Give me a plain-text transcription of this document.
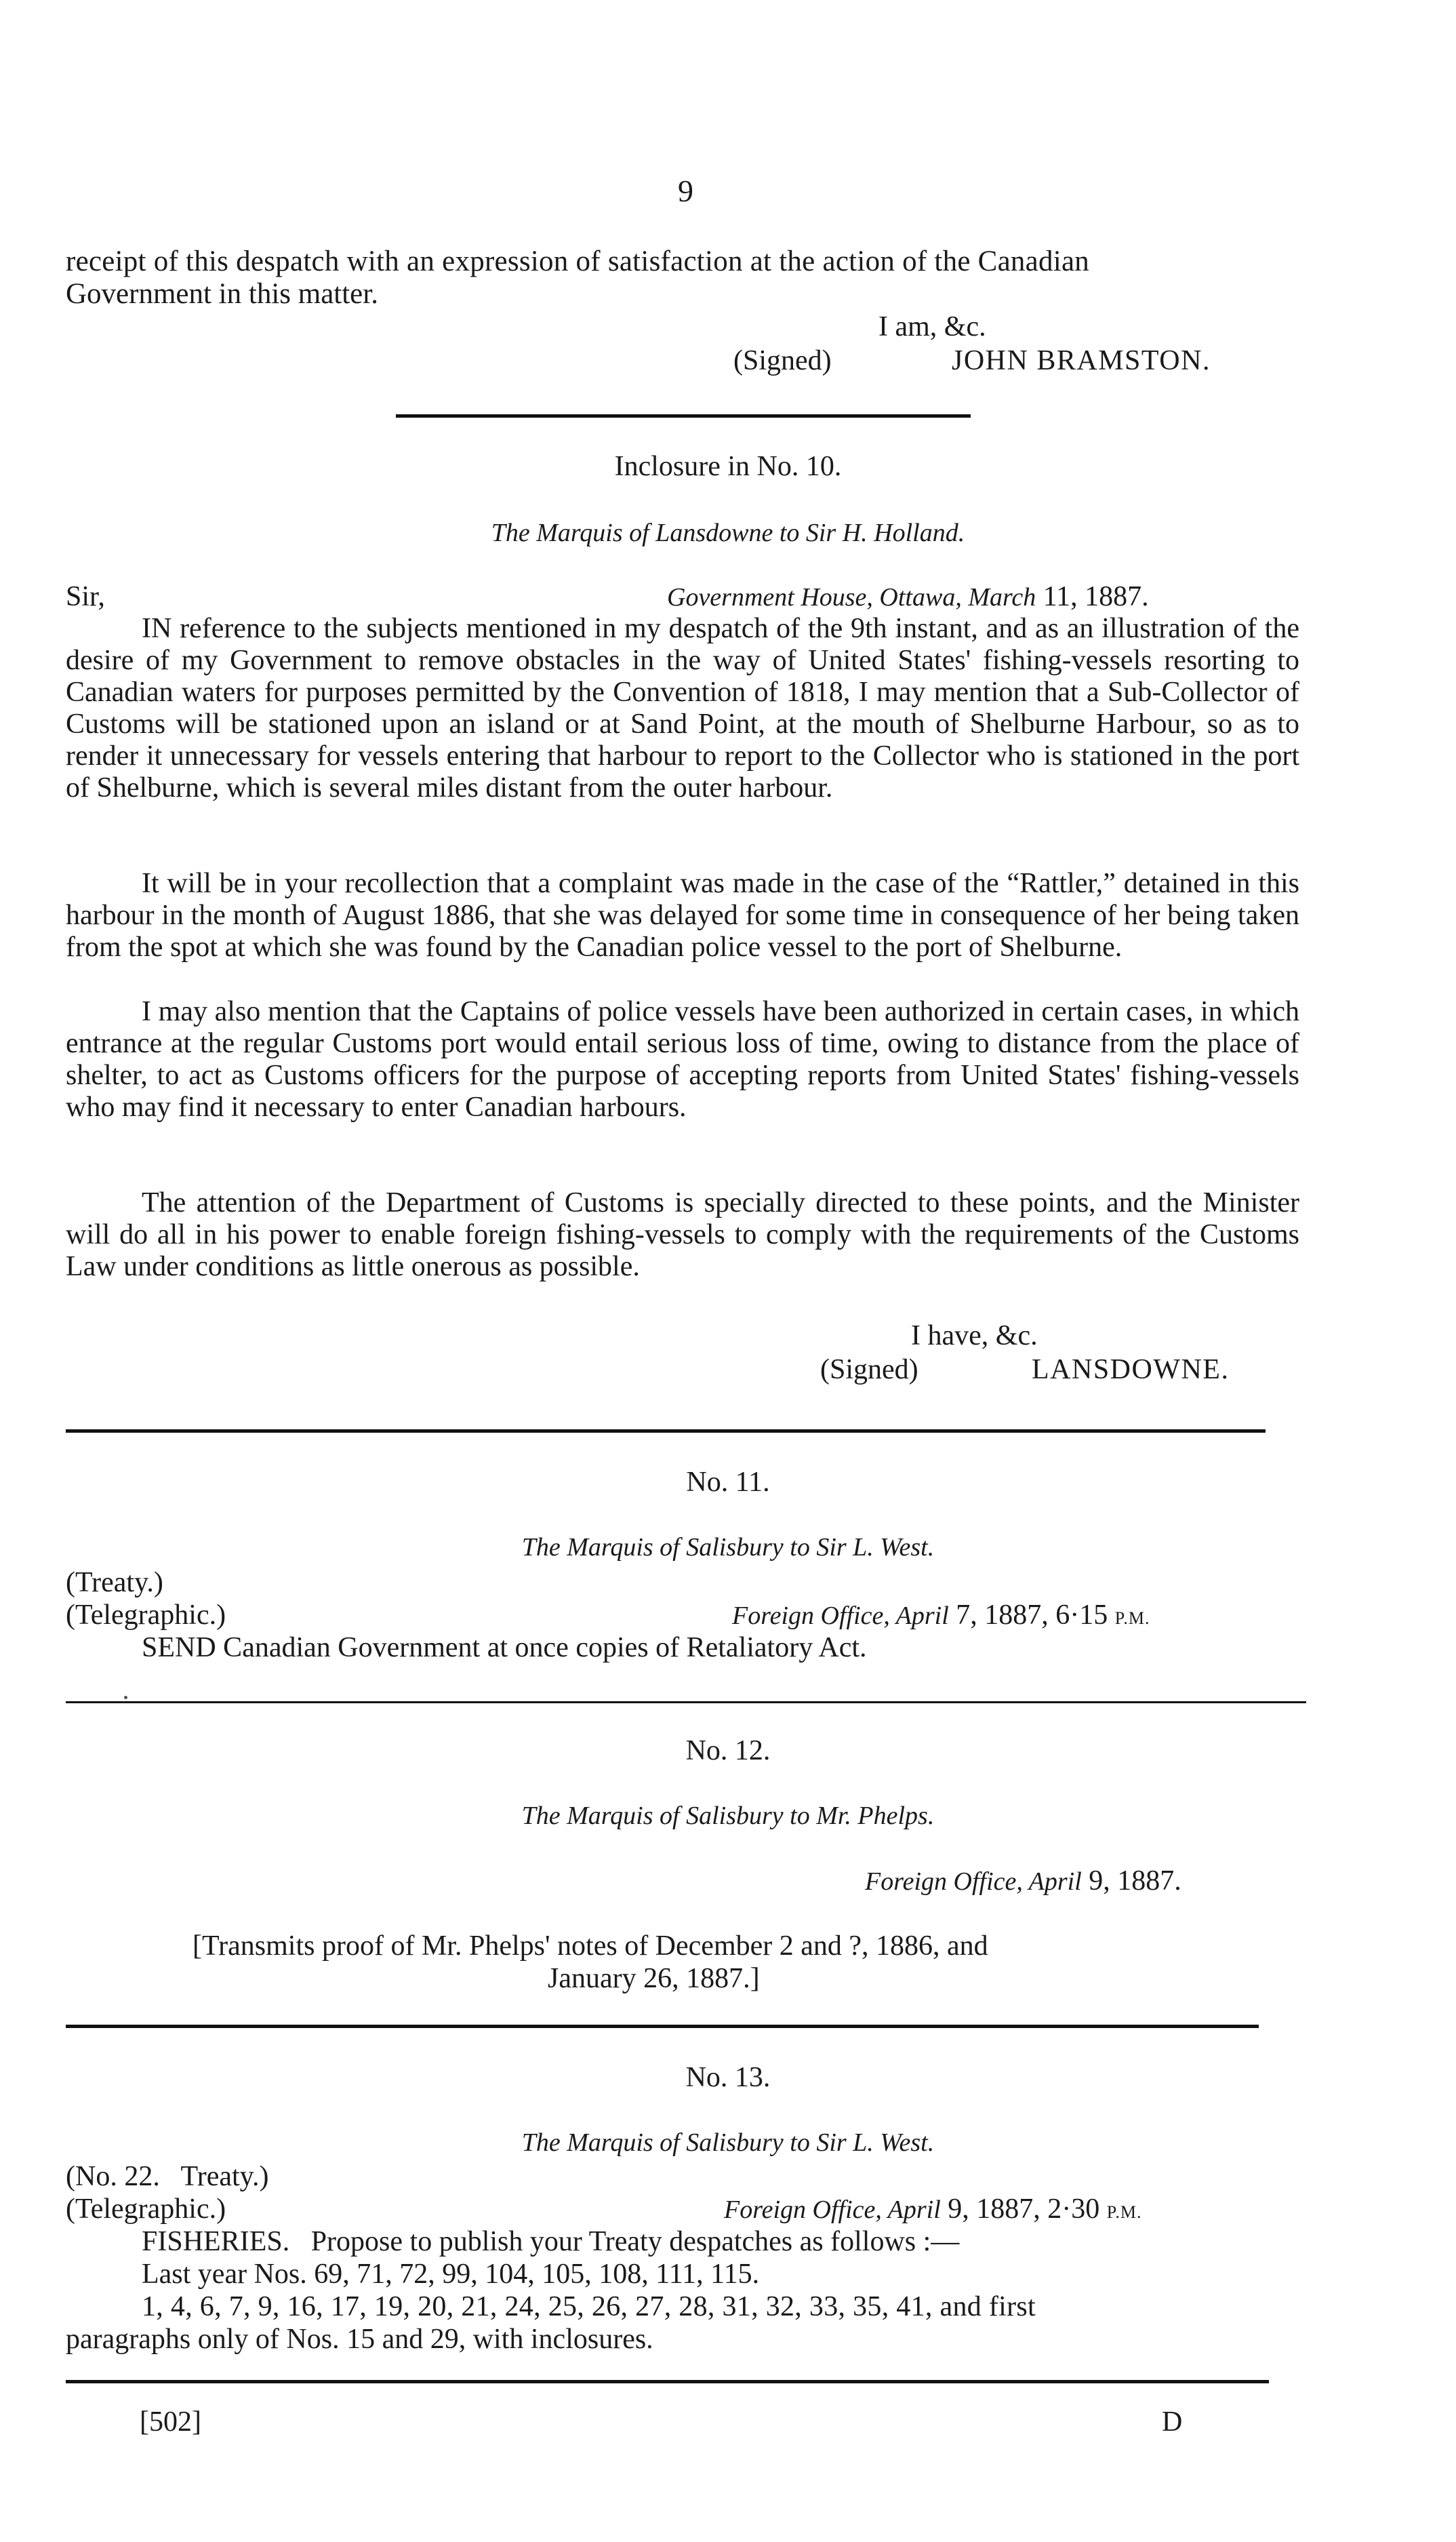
9
receipt of this despatch with an expression of satisfaction at the action of the Canadian
Government in this matter.
I am, &c.
(Signed)	JOHN BRAMSTON.
Inclosure in No. 10.
The Marquis of Lansdowne to Sir H. Holland.
Sir,	Government House, Ottawa, March 11, 1887.
IN reference to the subjects mentioned in my despatch of the 9th instant, and as an illustration of the desire of my Government to remove obstacles in the way of United States' fishing-vessels resorting to Canadian waters for purposes permitted by the Convention of 1818, I may mention that a Sub-Collector of Customs will be stationed upon an island or at Sand Point, at the mouth of Shelburne Harbour, so as to render it unnecessary for vessels entering that harbour to report to the Collector who is stationed in the port of Shelburne, which is several miles distant from the outer harbour.
It will be in your recollection that a complaint was made in the case of the “Rattler,” detained in this harbour in the month of August 1886, that she was delayed for some time in consequence of her being taken from the spot at which she was found by the Canadian police vessel to the port of Shelburne.
I may also mention that the Captains of police vessels have been authorized in certain cases, in which entrance at the regular Customs port would entail serious loss of time, owing to distance from the place of shelter, to act as Customs officers for the purpose of accepting reports from United States' fishing-vessels who may find it necessary to enter Canadian harbours.
The attention of the Department of Customs is specially directed to these points, and the Minister will do all in his power to enable foreign fishing-vessels to comply with the requirements of the Customs Law under conditions as little onerous as possible.
I have, &c.
(Signed)	LANSDOWNE.
No. 11.
The Marquis of Salisbury to Sir L. West.
(Treaty.)
(Telegraphic.)	Foreign Office, April 7, 1887, 6·15 P.M.
SEND Canadian Government at once copies of Retaliatory Act.
No. 12.
The Marquis of Salisbury to Mr. Phelps.
Foreign Office, April 9, 1887.
[Transmits proof of Mr. Phelps' notes of December 2 and ?, 1886, and
January 26, 1887.]
No. 13.
The Marquis of Salisbury to Sir L. West.
(No. 22.   Treaty.)
(Telegraphic.)	Foreign Office, April 9, 1887, 2·30 P.M.
FISHERIES.   Propose to publish your Treaty despatches as follows :—
Last year Nos. 69, 71, 72, 99, 104, 105, 108, 111, 115.
1, 4, 6, 7, 9, 16, 17, 19, 20, 21, 24, 25, 26, 27, 28, 31, 32, 33, 35, 41, and first
paragraphs only of Nos. 15 and 29, with inclosures.
[502]	D
